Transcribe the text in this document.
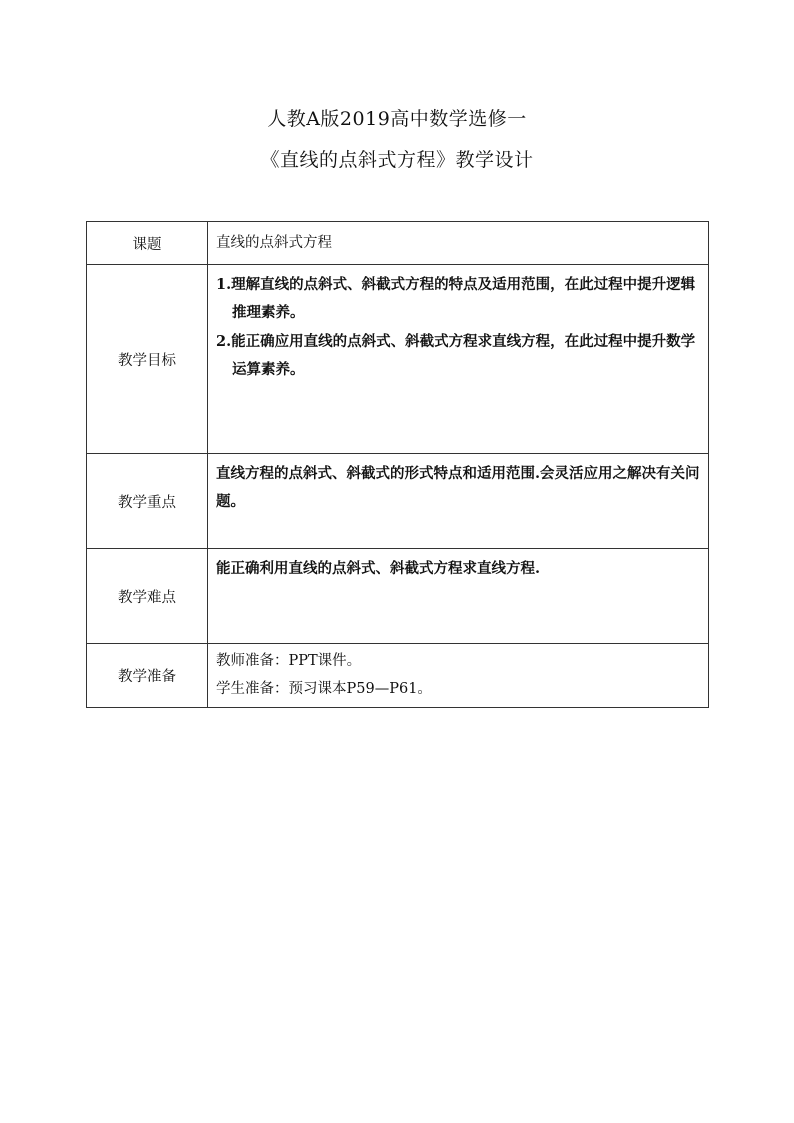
人教A版2019高中数学选修一
《直线的点斜式方程》教学设计
课题	直线的点斜式方程
教学目标	1.理解直线的点斜式、斜截式方程的特点及适用范围，在此过程中提升逻辑推理素养。
2.能正确应用直线的点斜式、斜截式方程求直线方程，在此过程中提升数学运算素养。

教学重点	直线方程的点斜式、斜截式的形式特点和适用范围.会灵活应用之解决有关问题。
教学难点	能正确利用直线的点斜式、斜截式方程求直线方程.
教学准备	教师准备：PPT课件。
学生准备：预习课本P59—P61。
